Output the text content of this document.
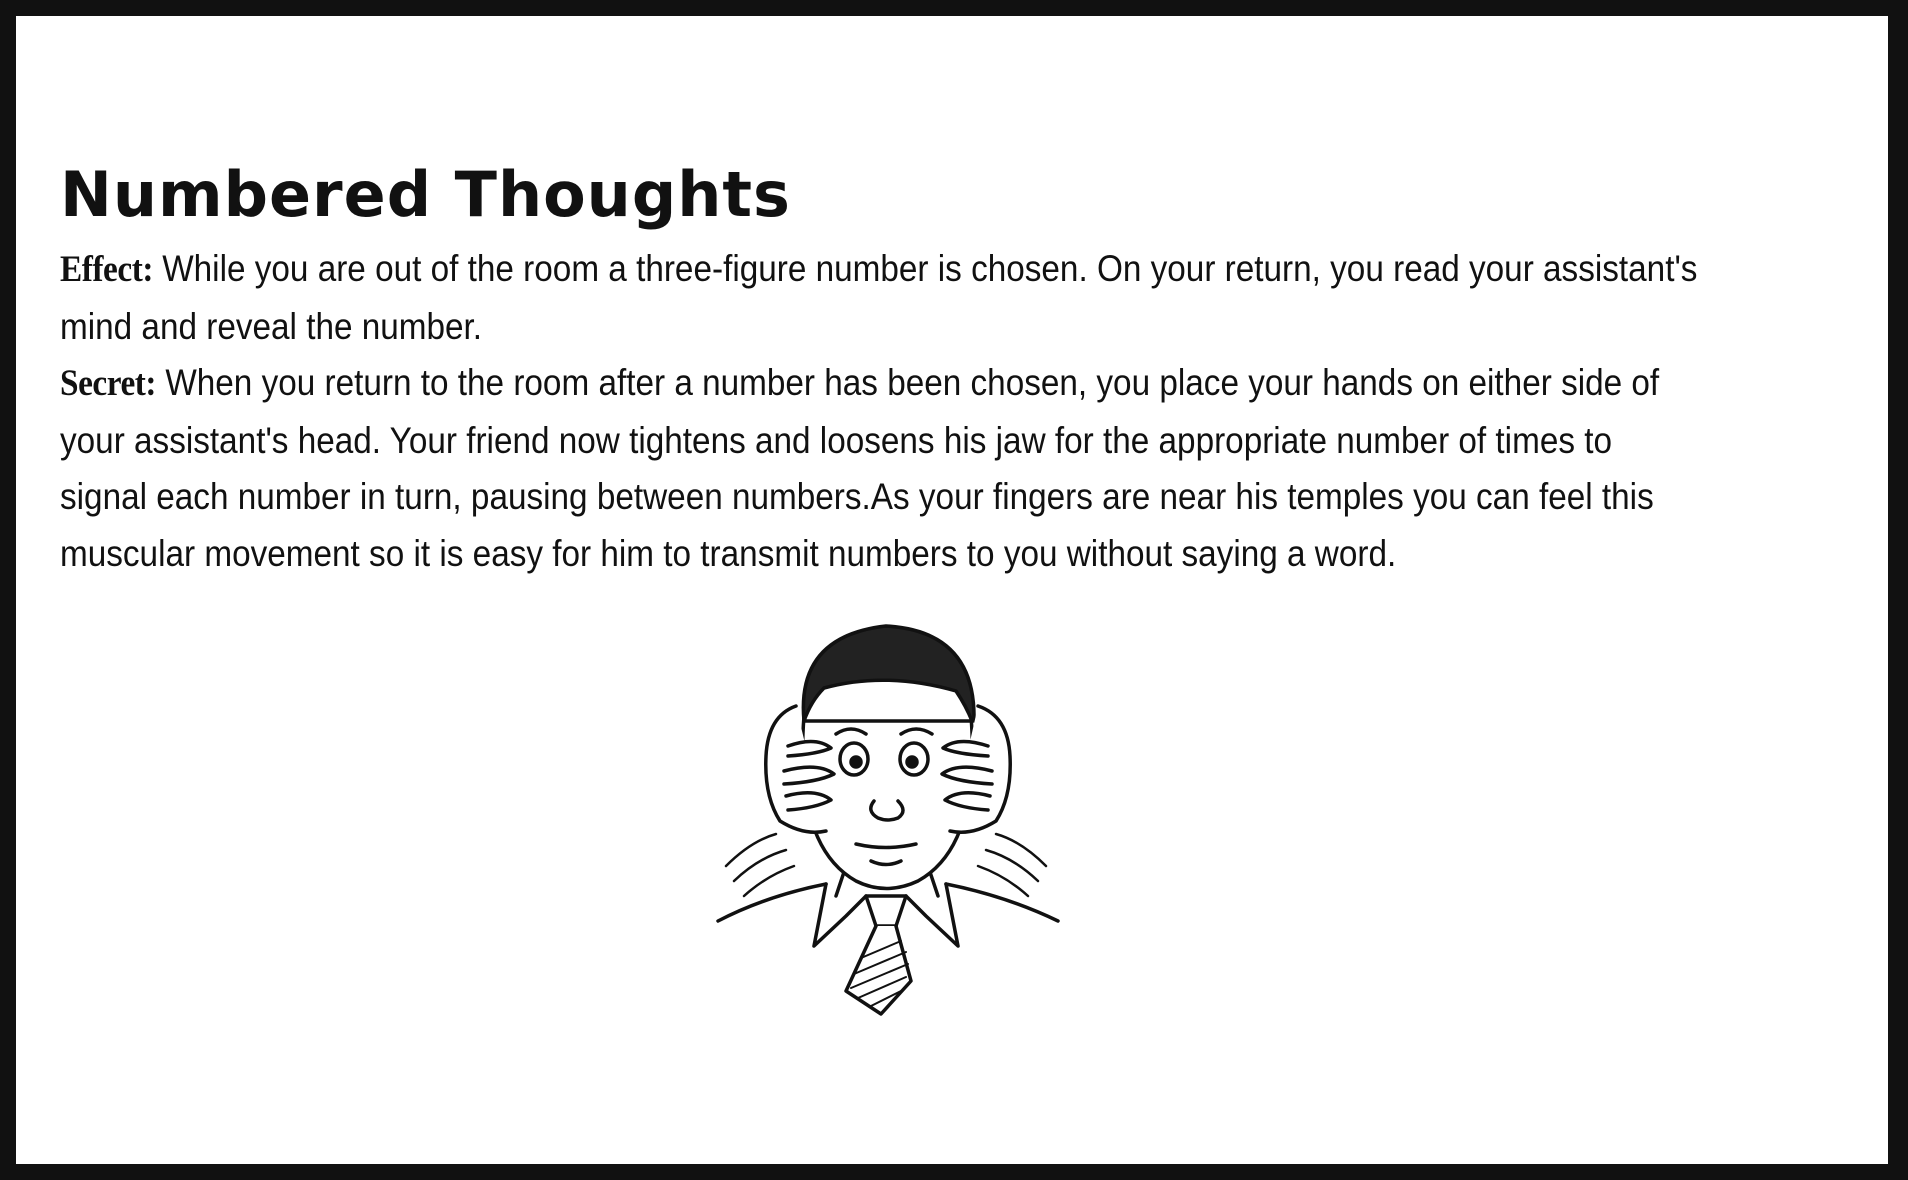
Numbered Thoughts

Effect: While you are out of the room a three-figure number is chosen. On your return, you read your assistant's mind and reveal the number.

Secret: When you return to the room after a number has been chosen, you place your hands on either side of your assistant's head. Your friend now tightens and loosens his jaw for the appropriate number of times to signal each number in turn, pausing between numbers.As your fingers are near his temples you can feel this muscular movement so it is easy for him to transmit numbers to you without saying a word.
